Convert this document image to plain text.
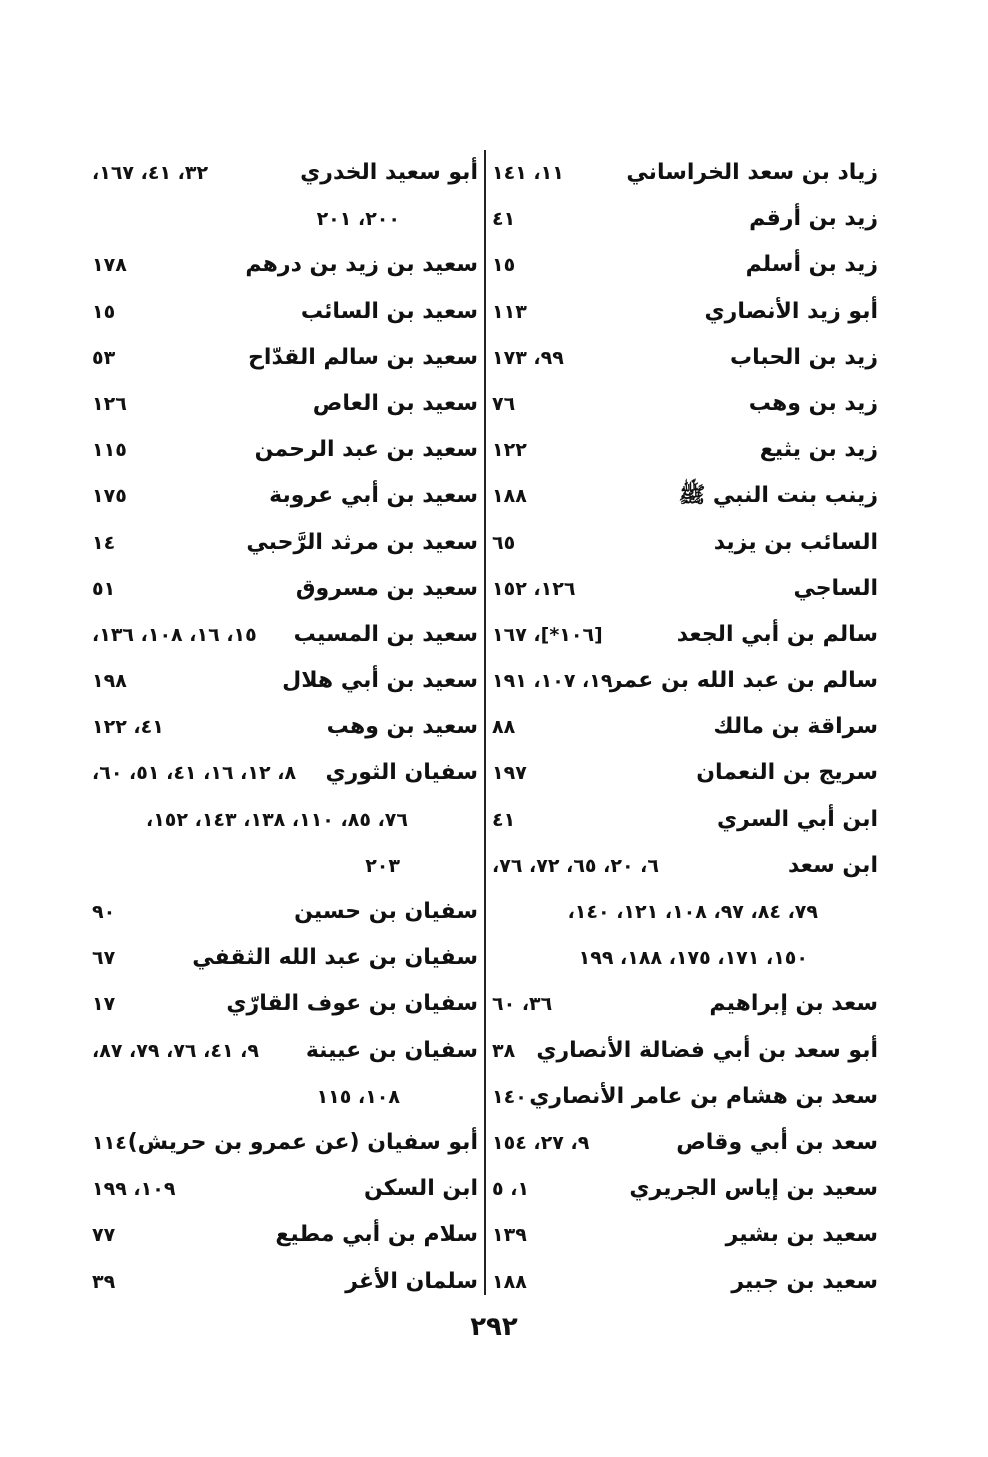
زياد بن سعد الخراساني
١١، ١٤١
زيد بن أرقم
٤١
زيد بن أسلم
١٥
أبو زيد الأنصاري
١١٣
زيد بن الحباب
٩٩، ١٧٣
زيد بن وهب
٧٦
زيد بن يثيع
١٢٢
زينب بنت النبي ﷺ
١٨٨
السائب بن يزيد
٦٥
الساجي
١٢٦، ١٥٢
سالم بن أبي الجعد
[١٠٦*]، ١٦٧
سالم بن عبد الله بن عمر
١٩، ١٠٧، ١٩١
سراقة بن مالك
٨٨
سريج بن النعمان
١٩٧
ابن أبي السري
٤١
ابن سعد
٦، ٢٠، ٦٥، ٧٢، ٧٦،
٧٩، ٨٤، ٩٧، ١٠٨، ١٢١، ١٤٠،
١٥٠، ١٧١، ١٧٥، ١٨٨، ١٩٩
سعد بن إبراهيم
٣٦، ٦٠
أبو سعد بن أبي فضالة الأنصاري
٣٨
سعد بن هشام بن عامر الأنصاري
١٤٠
سعد بن أبي وقاص
٩، ٢٧، ١٥٤
سعيد بن إياس الجريري
١، ٥
سعيد بن بشير
١٣٩
سعيد بن جبير
١٨٨
أبو سعيد الخدري
٣٢، ٤١، ١٦٧،
٢٠٠، ٢٠١
سعيد بن زيد بن درهم
١٧٨
سعيد بن السائب
١٥
سعيد بن سالم القدّاح
٥٣
سعيد بن العاص
١٢٦
سعيد بن عبد الرحمن
١١٥
سعيد بن أبي عروبة
١٧٥
سعيد بن مرثد الرَّحبي
١٤
سعيد بن مسروق
٥١
سعيد بن المسيب
١٥، ١٦، ١٠٨، ١٣٦،
سعيد بن أبي هلال
١٩٨
سعيد بن وهب
٤١، ١٢٢
سفيان الثوري
٨، ١٢، ١٦، ٤١، ٥١، ٦٠،
٧٦، ٨٥، ١١٠، ١٣٨، ١٤٣، ١٥٢،
٢٠٣
سفيان بن حسين
٩٠
سفيان بن عبد الله الثقفي
٦٧
سفيان بن عوف القارّي
١٧
سفيان بن عيينة
٩، ٤١، ٧٦، ٧٩، ٨٧،
١٠٨، ١١٥
أبو سفيان (عن عمرو بن حريش)
١١٤
ابن السكن
١٠٩، ١٩٩
سلام بن أبي مطيع
٧٧
سلمان الأغر
٣٩
٢٩٢
